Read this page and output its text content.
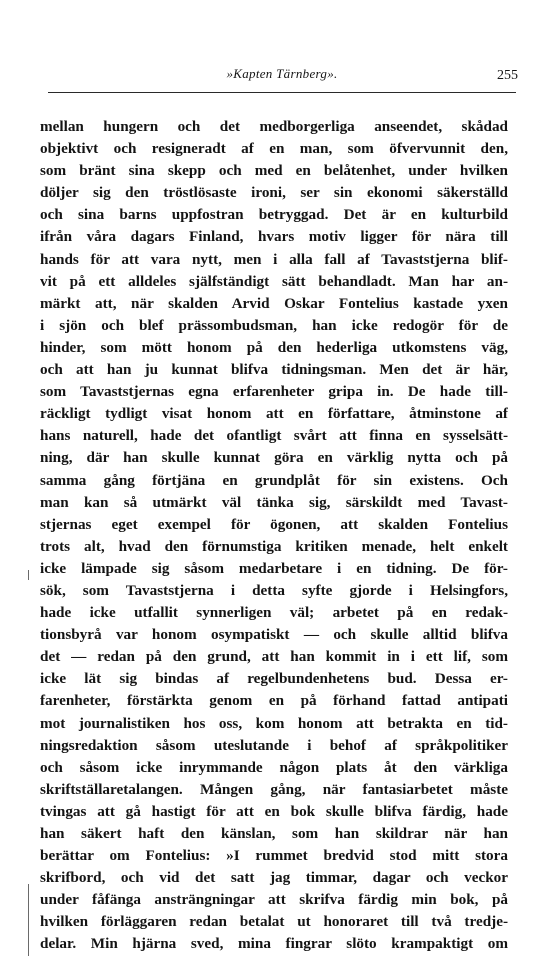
»Kapten Tärnberg».	255
mellan hungern och det medborgerliga anseendet, skådad
objektivt och resigneradt af en man, som öfvervunnit den,
som bränt sina skepp och med en belåtenhet, under hvilken
döljer sig den tröstlösaste ironi, ser sin ekonomi säkerställd
och sina barns uppfostran betryggad. Det är en kulturbild
ifrån våra dagars Finland, hvars motiv ligger för nära till
hands för att vara nytt, men i alla fall af Tavaststjerna blif-
vit på ett alldeles själfständigt sätt behandladt. Man har an-
märkt att, när skalden Arvid Oskar Fontelius kastade yxen
i sjön och blef prässombudsman, han icke redogör för de
hinder, som mött honom på den hederliga utkomstens väg,
och att han ju kunnat blifva tidningsman. Men det är här,
som Tavaststjernas egna erfarenheter gripa in. De hade till-
räckligt tydligt visat honom att en författare, åtminstone af
hans naturell, hade det ofantligt svårt att finna en sysselsätt-
ning, där han skulle kunnat göra en värklig nytta och på
samma gång förtjäna en grundplåt för sin existens. Och
man kan så utmärkt väl tänka sig, särskildt med Tavast-
stjernas eget exempel för ögonen, att skalden Fontelius
trots alt, hvad den förnumstiga kritiken menade, helt enkelt
icke lämpade sig såsom medarbetare i en tidning. De för-
sök, som Tavaststjerna i detta syfte gjorde i Helsingfors,
hade icke utfallit synnerligen väl; arbetet på en redak-
tionsbyrå var honom osympatiskt — och skulle alltid blifva
det — redan på den grund, att han kommit in i ett lif, som
icke lät sig bindas af regelbundenhetens bud. Dessa er-
farenheter, förstärkta genom en på förhand fattad antipati
mot journalistiken hos oss, kom honom att betrakta en tid-
ningsredaktion såsom uteslutande i behof af språkpolitiker
och såsom icke inrymmande någon plats åt den värkliga
skriftställaretalangen. Mången gång, när fantasiarbetet måste
tvingas att gå hastigt för att en bok skulle blifva färdig, hade
han säkert haft den känslan, som han skildrar när han
berättar om Fontelius: »I rummet bredvid stod mitt stora
skrifbord, och vid det satt jag timmar, dagar och veckor
under fåfänga ansträngningar att skrifva färdig min bok, på
hvilken förläggaren redan betalat ut honoraret till två tredje-
delar. Min hjärna sved, mina fingrar slöto krampaktigt om
